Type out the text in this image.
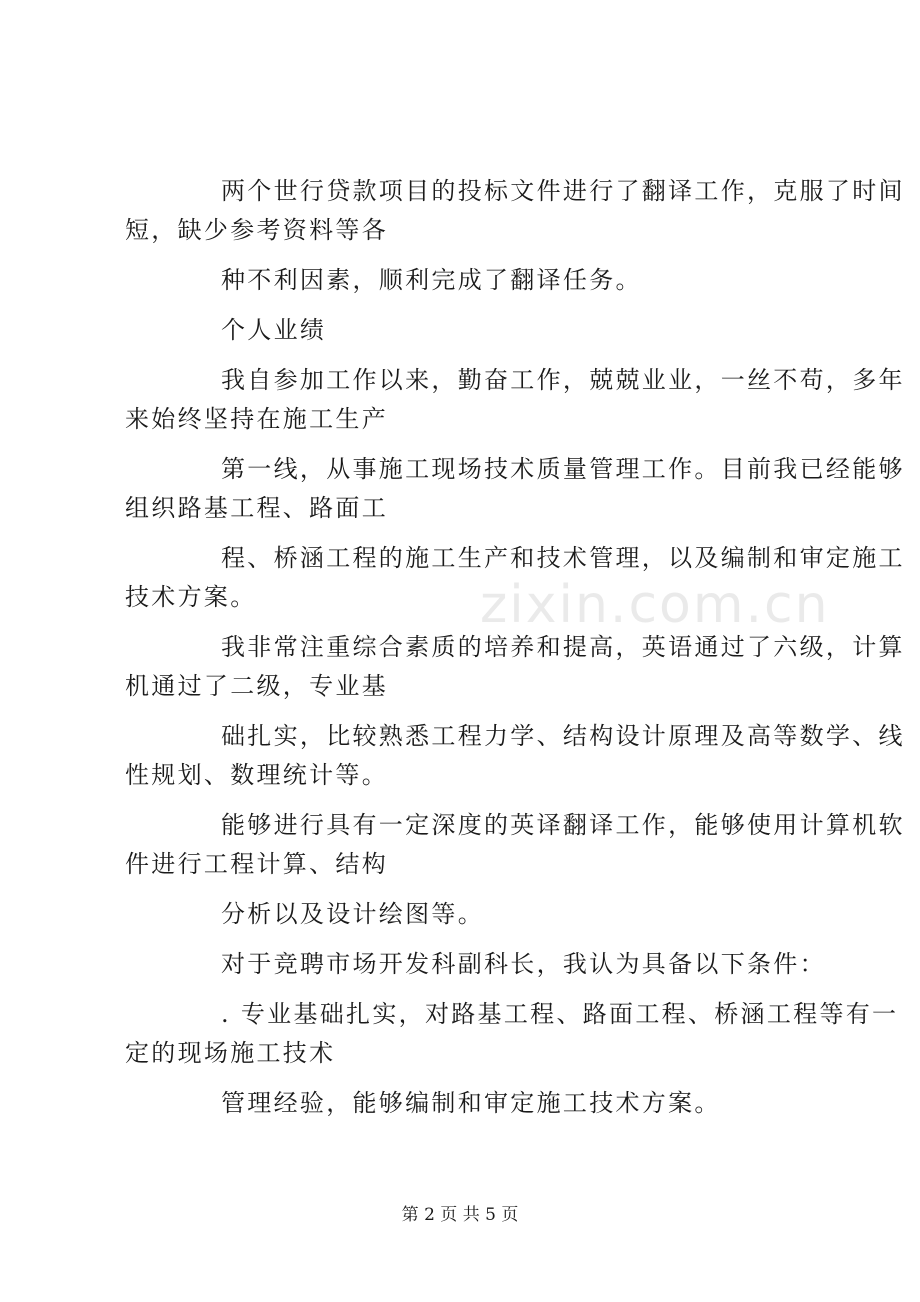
两个世行贷款项目的投标文件进行了翻译工作，克服了时间
短，缺少参考资料等各
种不利因素，顺利完成了翻译任务。
个人业绩
我自参加工作以来，勤奋工作，兢兢业业，一丝不苟，多年
来始终坚持在施工生产
第一线，从事施工现场技术质量管理工作。目前我已经能够
组织路基工程、路面工
程、桥涵工程的施工生产和技术管理，以及编制和审定施工
技术方案。
我非常注重综合素质的培养和提高，英语通过了六级，计算
机通过了二级，专业基
础扎实，比较熟悉工程力学、结构设计原理及高等数学、线
性规划、数理统计等。
能够进行具有一定深度的英译翻译工作，能够使用计算机软
件进行工程计算、结构
分析以及设计绘图等。
对于竞聘市场开发科副科长，我认为具备以下条件：
. 专业基础扎实，对路基工程、路面工程、桥涵工程等有一
定的现场施工技术
管理经验，能够编制和审定施工技术方案。
zixin.com.cn
第 2 页 共 5 页
